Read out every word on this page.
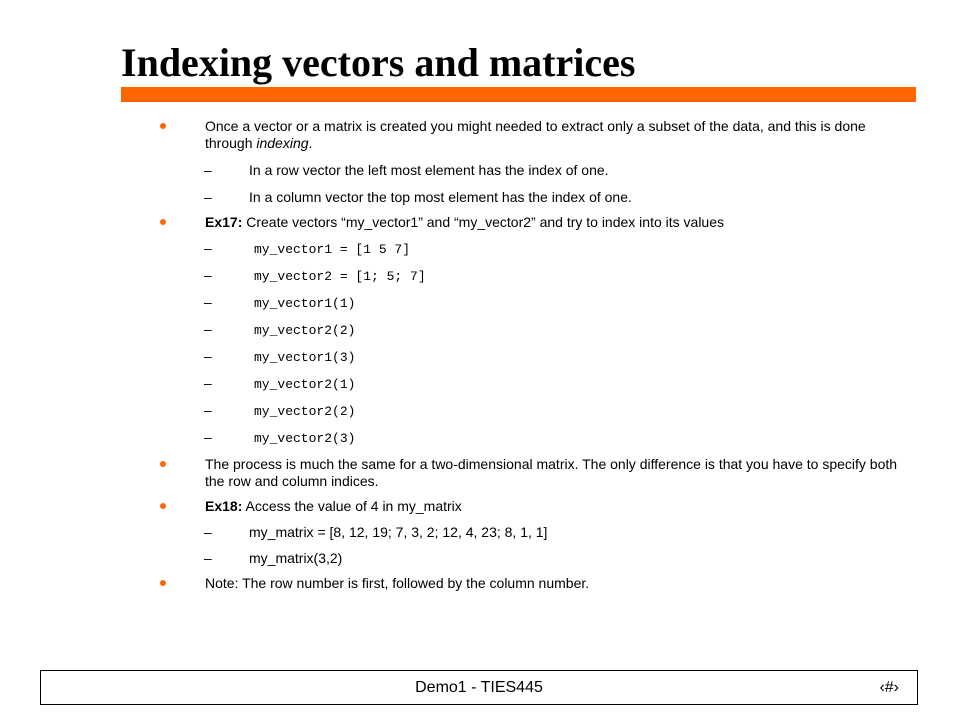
Indexing vectors and matrices
Once a vector or a matrix is created you might needed to extract only a subset of the data, and this is done through indexing.
–	In a row vector the left most element has the index of one.
–	In a column vector the top most element has the index of one.
Ex17: Create vectors “my_vector1” and “my_vector2” and try to index into its values
–	my_vector1 = [1 5 7]
–	my_vector2 = [1; 5; 7]
–	my_vector1(1)
–	my_vector2(2)
–	my_vector1(3)
–	my_vector2(1)
–	my_vector2(2)
–	my_vector2(3)
The process is much the same for a two-dimensional matrix. The only difference is that you have to specify both the row and column indices.
Ex18: Access the value of 4 in my_matrix
–	my_matrix = [8, 12, 19; 7, 3, 2; 12, 4, 23; 8, 1, 1]
–	my_matrix(3,2)
Note: The row number is first, followed by the column number.
Demo1 - TIES445	‹#›
